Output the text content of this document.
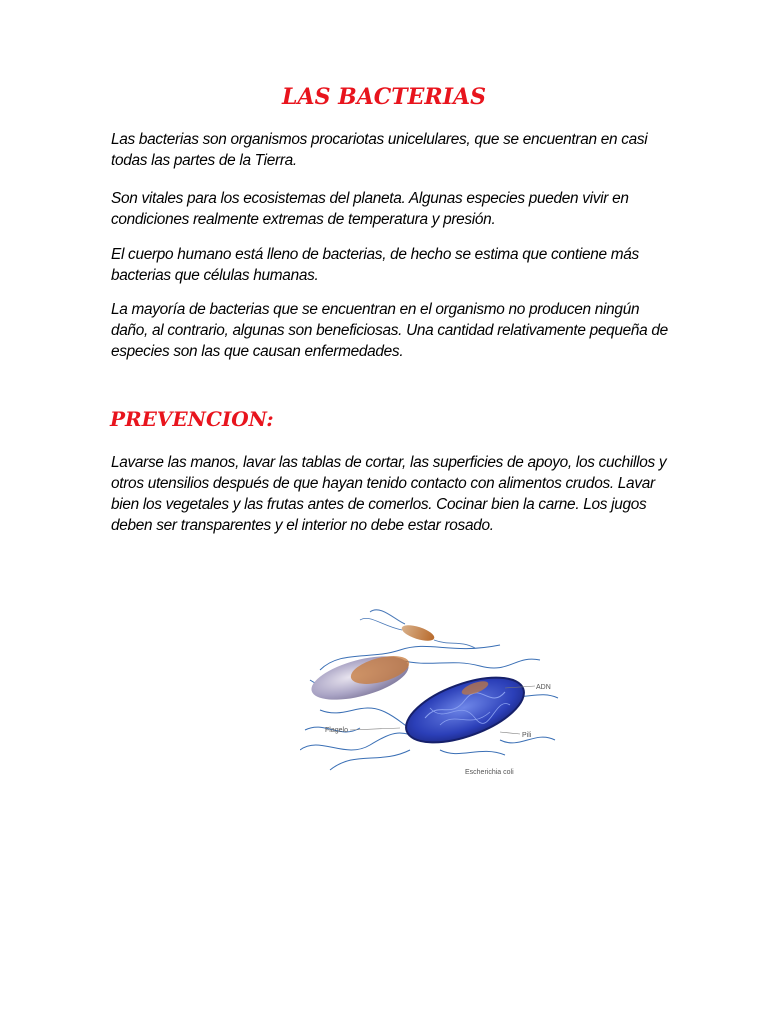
LAS BACTERIAS

Las bacterias son organismos procariotas unicelulares, que se encuentran en casi todas las partes de la Tierra.

Son vitales para los ecosistemas del planeta. Algunas especies pueden vivir en condiciones realmente extremas de temperatura y presión.

El cuerpo humano está lleno de bacterias, de hecho se estima que contiene más bacterias que células humanas.

La mayoría de bacterias que se encuentran en el organismo no producen ningún daño, al contrario, algunas son beneficiosas. Una cantidad relativamente pequeña de especies son las que causan enfermedades.

PREVENCION:

Lavarse las manos, lavar las tablas de cortar, las superficies de apoyo, los cuchillos y otros utensilios después de que hayan tenido contacto con alimentos crudos. Lavar bien los vegetales y las frutas antes de comerlos. Cocinar bien la carne. Los jugos deben ser transparentes y el interior no debe estar rosado.

ADN
Flagelo
Pili
Escherichia coli
